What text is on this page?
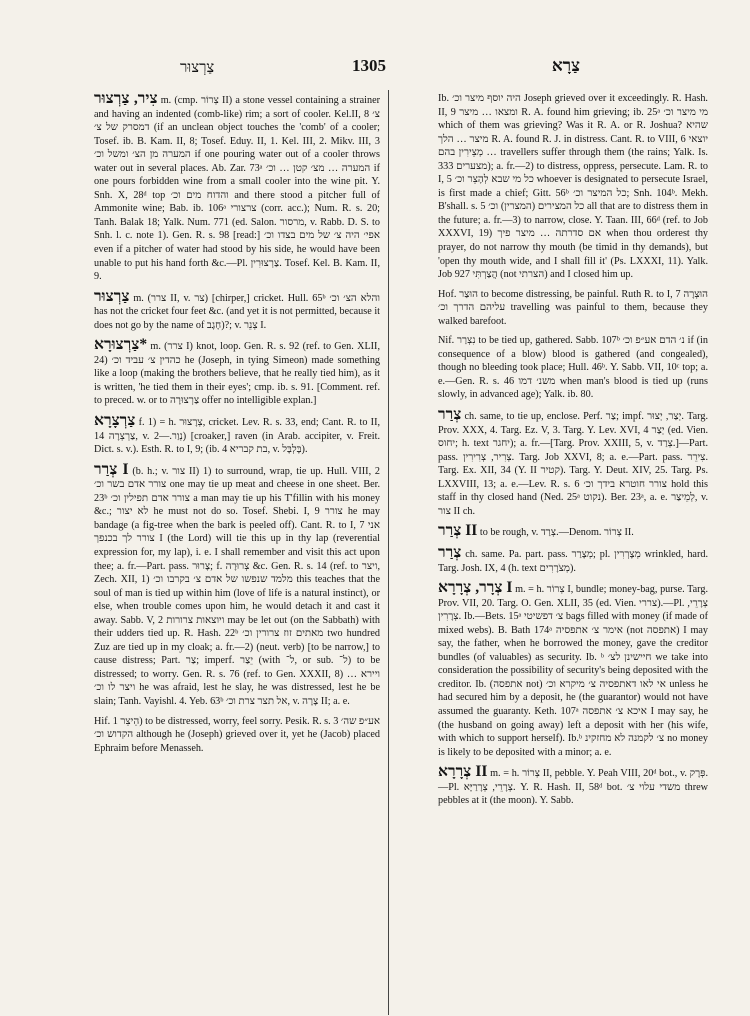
צַרְצוּר	1305	צַרָא

צִיר, צַרְצוּר m. (cmp. צְרוֹר II) a stone vessel containing a strainer and having an indented (comb-like) rim; a sort of cooler. Kel.II, 8 צ׳ דמסרק של צ׳ (if an unclean object touches the 'comb' of a cooler; Tosef. ib. B. Kam. II, 8; Tosef. Eduy. II, 1. Kel. III, 2. Mikv. III, 3 המערה מן הצ׳ ומשל וכ׳ if one pouring water out of a cooler throws water out in several places. Ab. Zar. 73ᵃ המערה … מצ׳ קטן … וכ׳ if one pours forbidden wine from a small cooler into the wine pit. Y. Snh. X, 28ᵈ top והדוח מים וכ׳ and there stood a pitcher full of Ammonite wine; Bab. ib. 106ᵃ צרצורי (corr. acc.); Num. R. s. 20; Tanh. Balak 18; Yalk. Num. 771 (ed. Salon. מרסור, v. Rabb. D. S. to Snh. l. c. note 1). Gen. R. s. 98 [read:] אפי׳ היה צ׳ של מים בצדו וכ׳ even if a pitcher of water had stood by his side, he would have been unable to put his hand forth &c.—Pl. צַרְצוּרִין. Tosef. Kel. B. Kam. II, 9.

צַרְצוּר m. (צרר II, v. צר) [chirper,] cricket. Hull. 65ᵇ והלא הצ׳ וכ׳ has not the cricket four feet &c. (and yet it is not permitted, because it does not go by the name of חָגָב)?; v. צְנֵר I.

צַרְצוּרָא* m. (צרר I) knot, loop. Gen. R. s. 92 (ref. to Gen. XLII, 24) כהדין צ׳ עביד וכ׳ he (Joseph, in tying Simeon) made something like a loop (making the brothers believe, that he really tied him), as it is written, 'he tied them in their eyes'; cmp. ib. s. 91. [Comment. ref. to preced. w. or to צַרְצוּרָה offer no intelligible explan.]

צַרְצָרָא f. 1) = h. צְרָצוּר, cricket. Lev. R. s. 33, end; Cant. R. to II, 14 צַרְצְרָה, v. נְוַר.—2) [croaker,] raven (in Arab. accipiter, v. Freit. Dict. s. v.). Esth. R. to I, 9; (ib. 4 בת קבריא, v. בָּלְבָּל).

צְרַר I (b. h.; v. צור II) 1) to surround, wrap, tie up. Hull. VIII, 2 צורר אדם בשר וכ׳ one may tie up meat and cheese in one sheet. Ber. 23ᵇ צורר אדם תפילין וכ׳ a man may tie up his T'fillin with his money &c.; לא יצור he must not do so. Tosef. Shebi. I, 9 צורר he may bandage (a fig-tree when the bark is peeled off). Cant. R. to I, 7 אני צורר לך בכנפך I (the Lord) will tie this up in thy lap (reverential expression for, my lap), i. e. I shall remember and visit this act upon thee; a. fr.—Part. pass. צָרוּר; f. צְרוּרָה &c. Gen. R. s. 14 (ref. to ויצר, Zech. XII, 1) מלמד שנפשו של אדם צ׳ בקרבו וכ׳ this teaches that the soul of man is tied up within him (love of life is a natural instinct), or else, when trouble comes upon him, he would detach it and cast it away. Sabb. V, 2 ויוצאות צרורות may be let out (on the Sabbath) with their udders tied up. R. Hash. 22ᵇ מאתים זוז צרורין וכ׳ two hundred Zuz are tied up in my cloak; a. fr.—2) (neut. verb) [to be narrow,] to cause distress; Part. צַר; imperf. יֵצַר (with ל־, or sub. ל־) to be distressed; to worry. Gen. R. s. 76 (ref. to Gen. XXXII, 8) ויירא … ויצר לו וכ׳ he was afraid, lest he slay, he was distressed, lest he be slain; Tanh. Vayishl. 4. Yeb. 63ᵇ אל תצר צרת וכ׳, v. צָרָה II; a. e.

Hif. הֵיצֵר 1) to be distressed, worry, feel sorry. Pesik. R. s. 3 אע״פ שה׳ הקדוש וכ׳ although he (Joseph) grieved over it, yet he (Jacob) placed Ephraim before Menasseh.

Ib. היה יוסף מיצר וכ׳ Joseph grieved over it exceedingly. R. Hash. II, 9 ומצאו … מיצר R. A. found him grieving; ib. 25ᵃ מי מיצר וכ׳ which of them was grieving? Was it R. A. or R. Joshua? שהיא מיצר … הלך R. A. found R. J. in distress. Cant. R. to VIII, 6 יוצאי … מְצֵירִין בהם travellers suffer through them (the rains; Yalk. Is. 333 מצערים); a. fr.—2) to distress, oppress, persecute. Lam. R. to I, 5 כל מי שבא לְהָצֵר וכ׳ whoever is designated to persecute Israel, is first made a chief; Gitt. 56ᵇ כל המיצר וכ׳; Snh. 104ᵇ. Mekh. B'shall. s. 5 כל המצירים (המצרין) וכ׳ all that are to distress them in the future; a. fr.—3) to narrow, close. Y. Taan. III, 66ᵈ (ref. to Job XXXVI, 19) אם סדרתה … מיצר פיך when thou orderest thy prayer, do not narrow thy mouth (be timid in thy demands), but 'open thy mouth wide, and I shall fill it' (Ps. LXXXI, 11). Yalk. Job 927 הֲצַרְתִּי (not הצרתי) and I closed him up.

Hof. הוּצַר to become distressing, be painful. Ruth R. to I, 7 הוּצְרָה עליהם הדרך וכ׳ travelling was painful to them, because they walked barefoot.

Nif. נִצְרַר to be tied up, gathered. Sabb. 107ᵇ נ׳ הדם אע״פ וכ׳ if (in consequence of a blow) blood is gathered (and congealed), though no bleeding took place; Hull. 46ᵇ. Y. Sabb. VII, 10ᶜ top; a. e.—Gen. R. s. 46 משנ׳ דמו when man's blood is tied up (runs slowly, in advanced age); Yalk. ib. 80.

צְרַר ch. same, to tie up, enclose. Perf. צַר; impf. יְצַר, יְצוּר. Targ. Prov. XXX, 4. Targ. Ez. V, 3. Targ. Y. Lev. XVI, 4 יְצַר (ed. Vien. יחוס; h. text יחגר); a. fr.—[Targ. Prov. XXIII, 5, v. צְרַד.]—Part. pass. צְרִיר, צְרִירִין. Targ. Job XXVI, 8; a. e.—Part. pass. צִירֵר. Targ. Ex. XII, 34 (Y. II קטיר). Targ. Y. Deut. XIV, 25. Targ. Ps. LXXVIII, 13; a. e.—Lev. R. s. 6 צורר חוטרא בידך וכ׳ hold this staff in thy closed hand (Ned. 25ᵃ נקוט). Ber. 23ᵃ, a. e. לְמֵיצַר, v. צור II ch.

צְרַר II to be rough, v. צְרַד.—Denom. צְרוֹר II.

צְרַר ch. same. Pa. part. pass. מְצָרַר; pl. מְצָרְרִין wrinkled, hard. Targ. Josh. IX, 4 (h. text מְצֹרָרִים).

צְרָר, צְרָרָא I m. = h. צְרוֹר I, bundle; money-bag, purse. Targ. Prov. VII, 20. Targ. O. Gen. XLII, 35 (ed. Vien. צררי).—Pl. צְרָרֵי, צְרָרִין. Ib.—Bets. 15ᵃ צ׳ דפשיטי bags filled with money (if made of mixed webs). B. Bath 174ᵃ אימר צ׳ אתפסיה (not אתפסה) I may say, the father, when he borrowed the money, gave the creditor bundles (of valuables) as security. Ib. ᵇ חיישינן לצ׳ we take into consideration the possibility of security's being deposited with the creditor. Ib. (אתפסה not) אי לאו דאתפסיה צ׳ מיקרא וכ׳ unless he had secured him by a deposit, he (the guarantor) would not have assumed the guaranty. Keth. 107ᵃ איכא צ׳ אתפסה I may say, he (the husband on going away) left a deposit with her (his wife, with which to support herself). Ib.ᵇ צ׳ לקמנה לא מחזקינ no money is likely to be deposited with a minor; a. e.

צְרָרָא II m. = h. צְרוֹר II, pebble. Y. Peah VIII, 20ᵈ bot., v. פְּרָק.—Pl. צְרָרֵי, צְרָרַיָּא. Y. R. Hash. II, 58ᵈ bot. משדי עלוי צ׳ threw pebbles at it (the moon). Y. Sabb.
